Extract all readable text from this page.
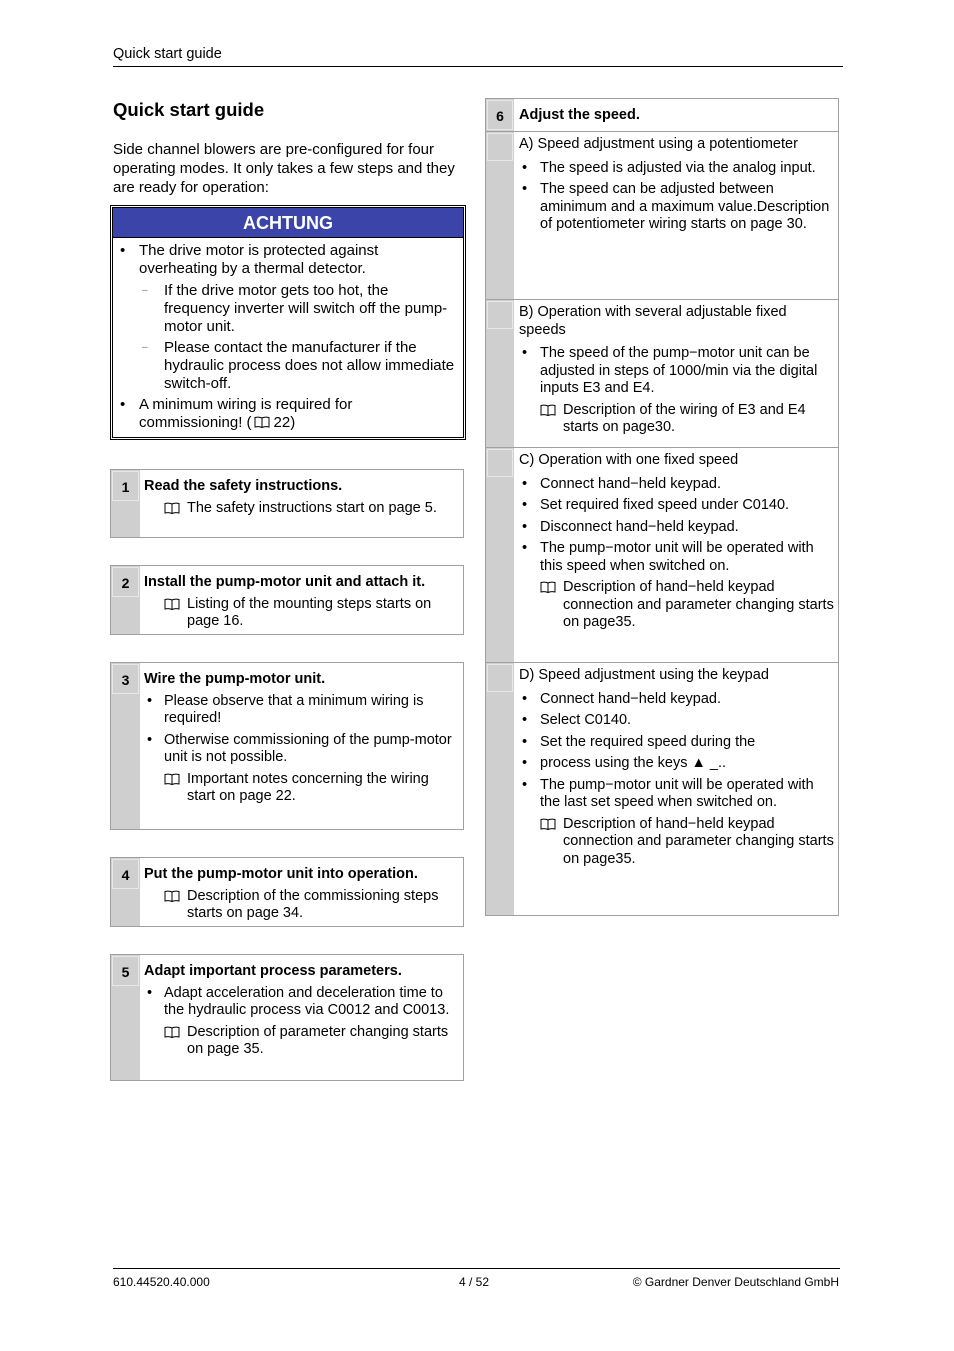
Quick start guide
Quick start guide

Side channel blowers are pre-configured for four operating modes. It only takes a few steps and they are ready for operation:

ACHTUNG
• The drive motor is protected against overheating by a thermal detector.
– If the drive motor gets too hot, the frequency inverter will switch off the pump-motor unit.
– Please contact the manufacturer if the hydraulic process does not allow immediate switch-off.
• A minimum wiring is required for commissioning! ( 22)
1	Read the safety instructions.
The safety instructions start on page 5.
2	Install the pump-motor unit and attach it.
Listing of the mounting steps starts on page 16.
3	Wire the pump-motor unit.
• Please observe that a minimum wiring is required!
• Otherwise commissioning of the pump-motor unit is not possible.
Important notes concerning the wiring start on page 22.
4	Put the pump-motor unit into operation.
Description of the commissioning steps starts on page 34.
5	Adapt important process parameters.
• Adapt acceleration and deceleration time to the hydraulic process via C0012 and C0013.
Description of parameter changing starts on page 35.
6	Adjust the speed.
A) Speed adjustment using a potentiometer
• The speed is adjusted via the analog input.
• The speed can be adjusted between aminimum and a maximum value.Description of potentiometer wiring starts on page 30.
B) Operation with several adjustable fixed speeds
• The speed of the pump−motor unit can be adjusted in steps of 1000/min via the digital inputs E3 and E4.
Description of the wiring of E3 and E4 starts on page30.
C) Operation with one fixed speed
• Connect hand−held keypad.
• Set required fixed speed under C0140.
• Disconnect hand−held keypad.
• The pump−motor unit will be operated with this speed when switched on.
Description of hand−held keypad connection and parameter changing starts on page35.
D) Speed adjustment using the keypad
• Connect hand−held keypad.
• Select C0140.
• Set the required speed during the
• process using the keys ▲ _..
• The pump−motor unit will be operated with the last set speed when switched on.
Description of hand−held keypad connection and parameter changing starts on page35.
610.44520.40.000	4 / 52	© Gardner Denver Deutschland GmbH
